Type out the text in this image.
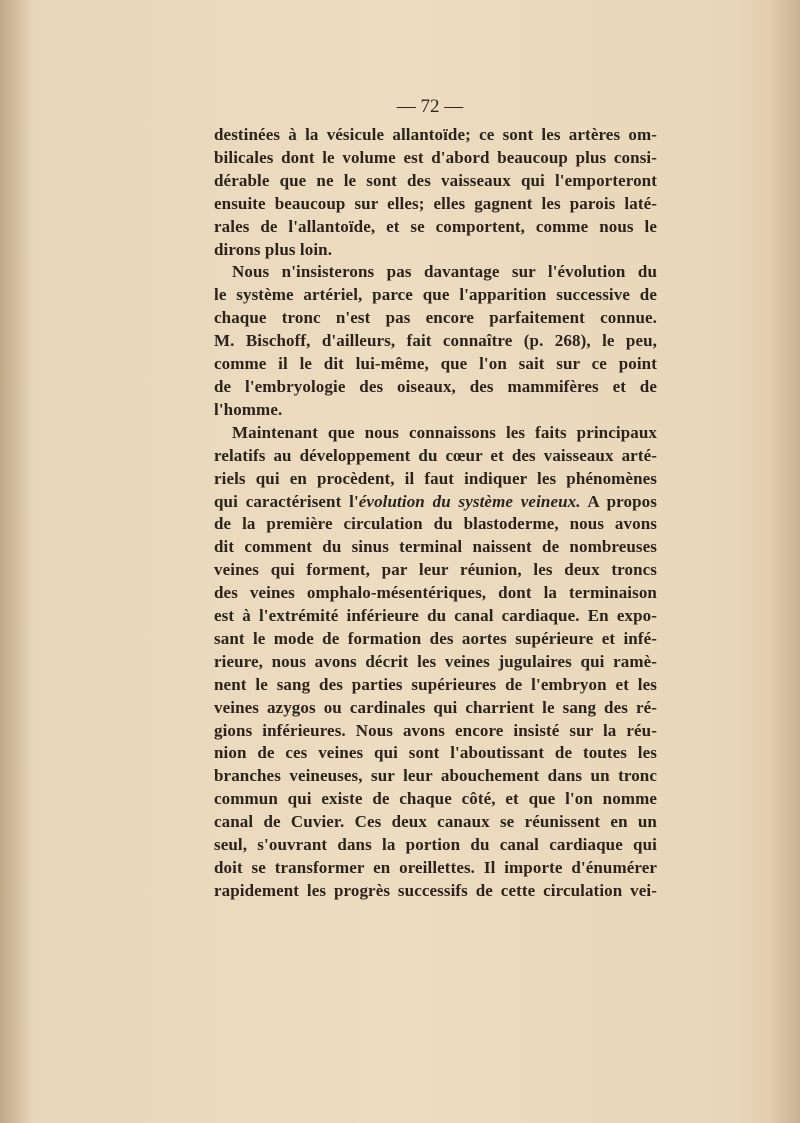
— 72 —
destinées à la vésicule allantoïde; ce sont les artères om-
bilicales dont le volume est d'abord beaucoup plus consi-
dérable que ne le sont des vaisseaux qui l'emporteront
ensuite beaucoup sur elles; elles gagnent les parois laté-
rales de l'allantoïde, et se comportent, comme nous le
dirons plus loin.
Nous n'insisterons pas davantage sur l'évolution du
le système artériel, parce que l'apparition successive de
chaque tronc n'est pas encore parfaitement connue.
M. Bischoff, d'ailleurs, fait connaître (p. 268), le peu,
comme il le dit lui-même, que l'on sait sur ce point
de l'embryologie des oiseaux, des mammifères et de
l'homme.
Maintenant que nous connaissons les faits principaux
relatifs au développement du cœur et des vaisseaux arté-
riels qui en procèdent, il faut indiquer les phénomènes
qui caractérisent l'évolution du système veineux. A propos
de la première circulation du blastoderme, nous avons
dit comment du sinus terminal naissent de nombreuses
veines qui forment, par leur réunion, les deux troncs
des veines omphalo-mésentériques, dont la terminaison
est à l'extrémité inférieure du canal cardiaque. En expo-
sant le mode de formation des aortes supérieure et infé-
rieure, nous avons décrit les veines jugulaires qui ramè-
nent le sang des parties supérieures de l'embryon et les
veines azygos ou cardinales qui charrient le sang des ré-
gions inférieures. Nous avons encore insisté sur la réu-
nion de ces veines qui sont l'aboutissant de toutes les
branches veineuses, sur leur abouchement dans un tronc
commun qui existe de chaque côté, et que l'on nomme
canal de Cuvier. Ces deux canaux se réunissent en un
seul, s'ouvrant dans la portion du canal cardiaque qui
doit se transformer en oreillettes. Il importe d'énumérer
rapidement les progrès successifs de cette circulation vei-
